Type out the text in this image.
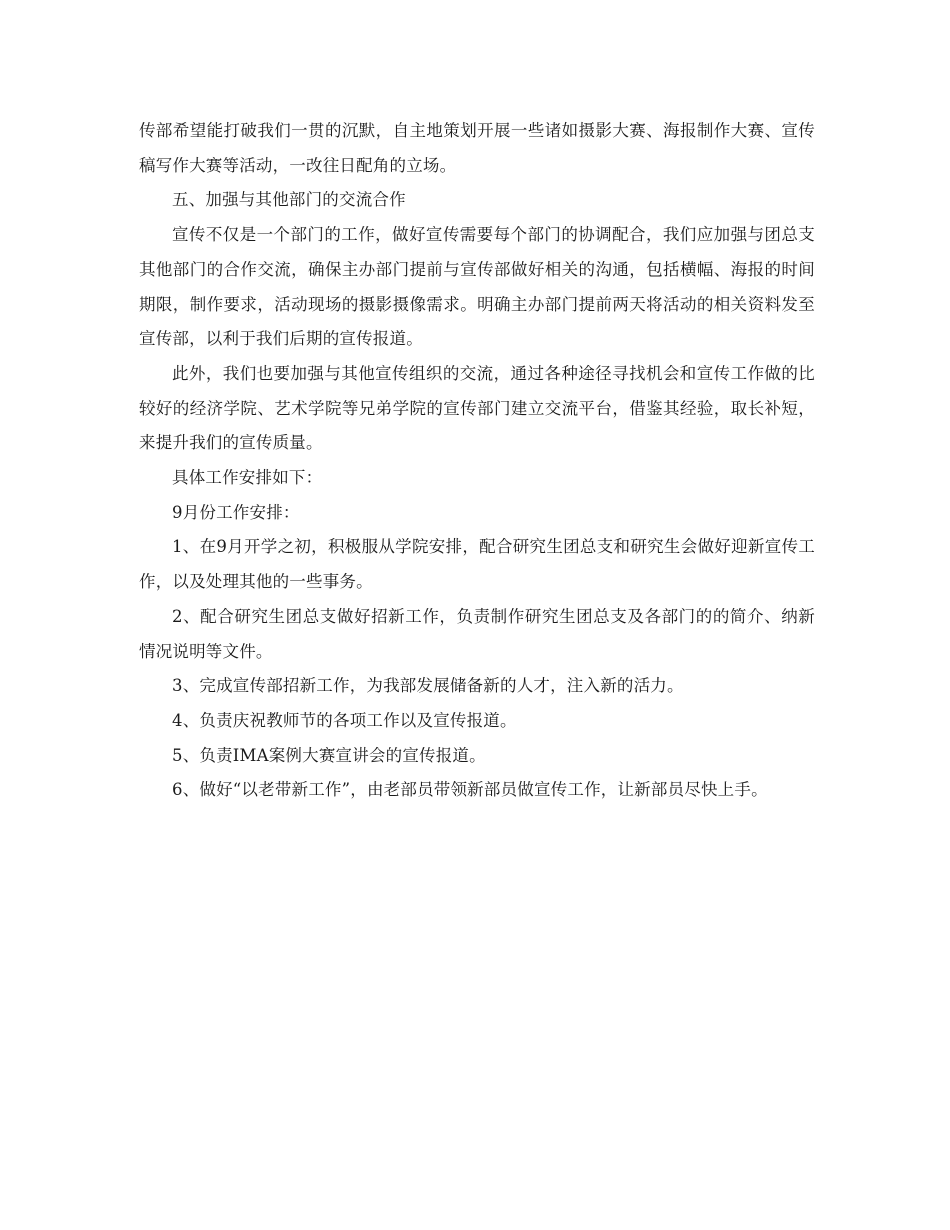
传部希望能打破我们一贯的沉默，自主地策划开展一些诸如摄影大赛、海报制作大赛、宣传稿写作大赛等活动，一改往日配角的立场。

五、加强与其他部门的交流合作

宣传不仅是一个部门的工作，做好宣传需要每个部门的协调配合，我们应加强与团总支其他部门的合作交流，确保主办部门提前与宣传部做好相关的沟通，包括横幅、海报的时间期限，制作要求，活动现场的摄影摄像需求。明确主办部门提前两天将活动的相关资料发至宣传部，以利于我们后期的宣传报道。

此外，我们也要加强与其他宣传组织的交流，通过各种途径寻找机会和宣传工作做的比较好的经济学院、艺术学院等兄弟学院的宣传部门建立交流平台，借鉴其经验，取长补短，来提升我们的宣传质量。

具体工作安排如下：

9月份工作安排：

1、在9月开学之初，积极服从学院安排，配合研究生团总支和研究生会做好迎新宣传工作，以及处理其他的一些事务。

2、配合研究生团总支做好招新工作，负责制作研究生团总支及各部门的的简介、纳新情况说明等文件。

3、完成宣传部招新工作，为我部发展储备新的人才，注入新的活力。

4、负责庆祝教师节的各项工作以及宣传报道。

5、负责IMA案例大赛宣讲会的宣传报道。

6、做好“以老带新工作”，由老部员带领新部员做宣传工作，让新部员尽快上手。
